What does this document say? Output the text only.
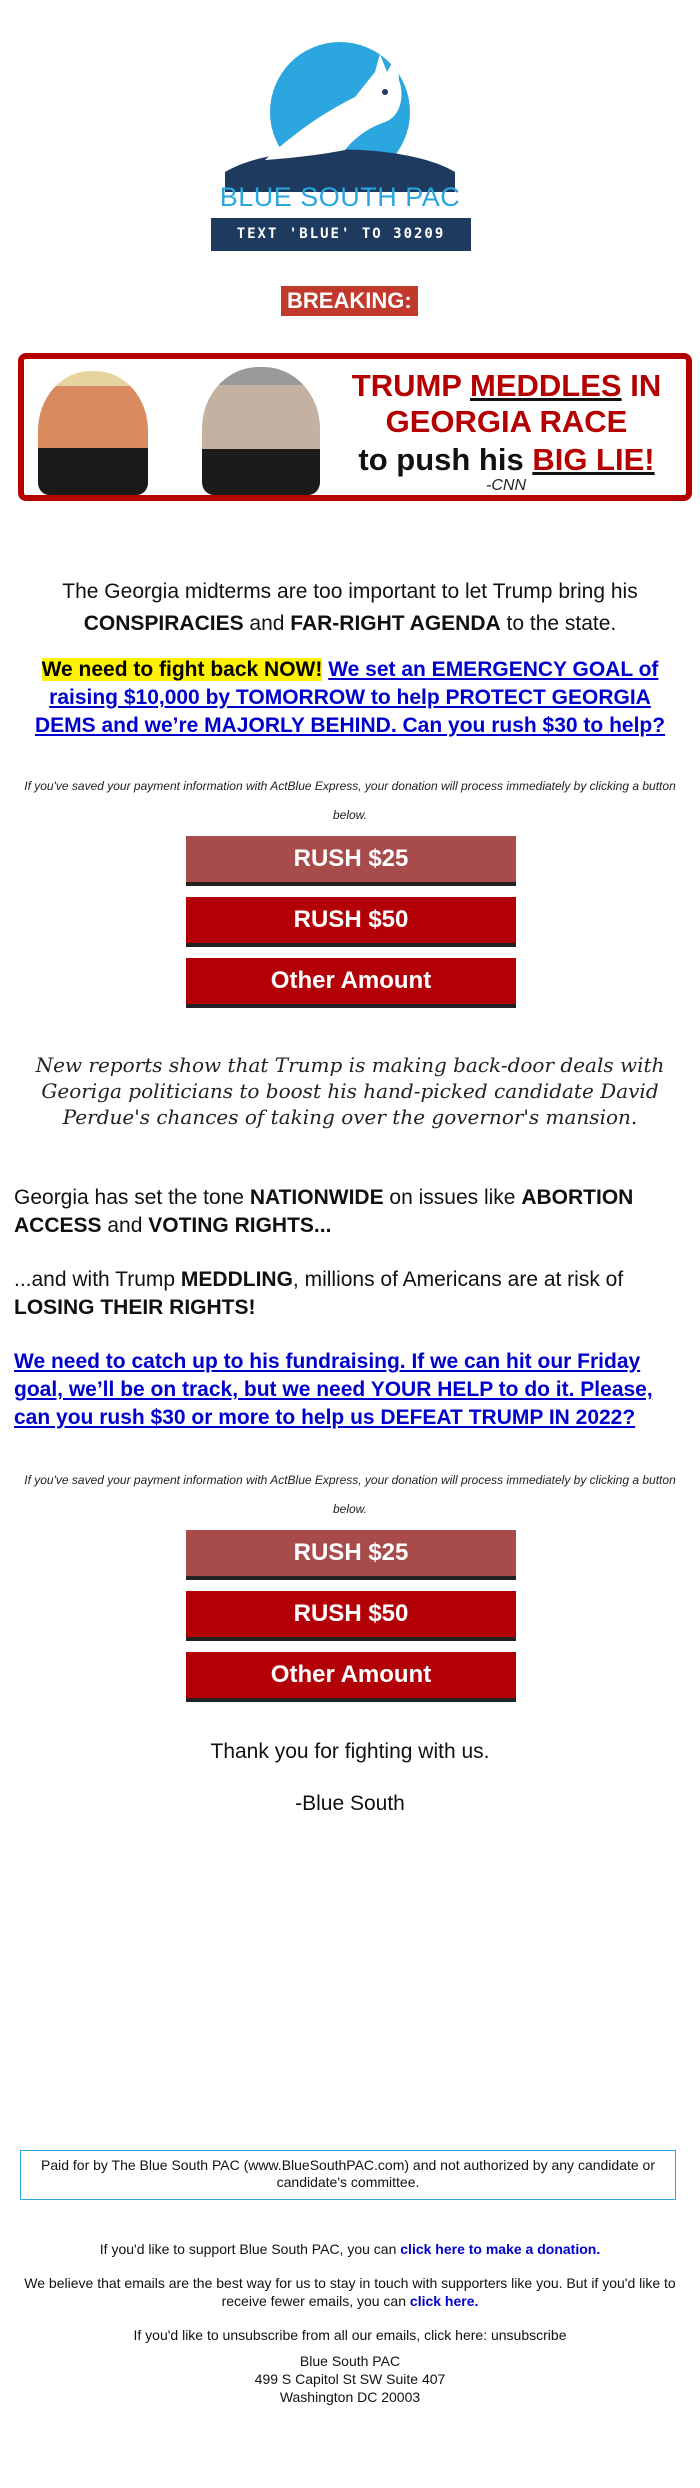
BLUE SOUTH PAC
TEXT 'BLUE' TO 30209
BREAKING:
TRUMP MEDDLES IN
GEORGIA RACE
to push his BIG LIE!
-CNN
The Georgia midterms are too important to let Trump bring his
CONSPIRACIES and FAR-RIGHT AGENDA to the state.
We need to fight back NOW! We set an EMERGENCY GOAL of raising $10,000 by TOMORROW to help PROTECT GEORGIA DEMS and we’re MAJORLY BEHIND. Can you rush $30 to help?
If you've saved your payment information with ActBlue Express, your donation will process immediately by clicking a button below.
RUSH $25
RUSH $50
Other Amount
New reports show that Trump is making back-door deals with Georiga politicians to boost his hand-picked candidate David Perdue's chances of taking over the governor's mansion.
Georgia has set the tone NATIONWIDE on issues like ABORTION ACCESS and VOTING RIGHTS...
...and with Trump MEDDLING, millions of Americans are at risk of LOSING THEIR RIGHTS!
We need to catch up to his fundraising. If we can hit our Friday goal, we’ll be on track, but we need YOUR HELP to do it. Please, can you rush $30 or more to help us DEFEAT TRUMP IN 2022?
If you've saved your payment information with ActBlue Express, your donation will process immediately by clicking a button below.
RUSH $25
RUSH $50
Other Amount
Thank you for fighting with us.
-Blue South
Paid for by The Blue South PAC (www.BlueSouthPAC.com) and not authorized by any candidate or candidate's committee.
If you'd like to support Blue South PAC, you can click here to make a donation.
We believe that emails are the best way for us to stay in touch with supporters like you. But if you'd like to receive fewer emails, you can click here.
If you'd like to unsubscribe from all our emails, click here: unsubscribe
Blue South PAC
499 S Capitol St SW Suite 407
Washington DC 20003
